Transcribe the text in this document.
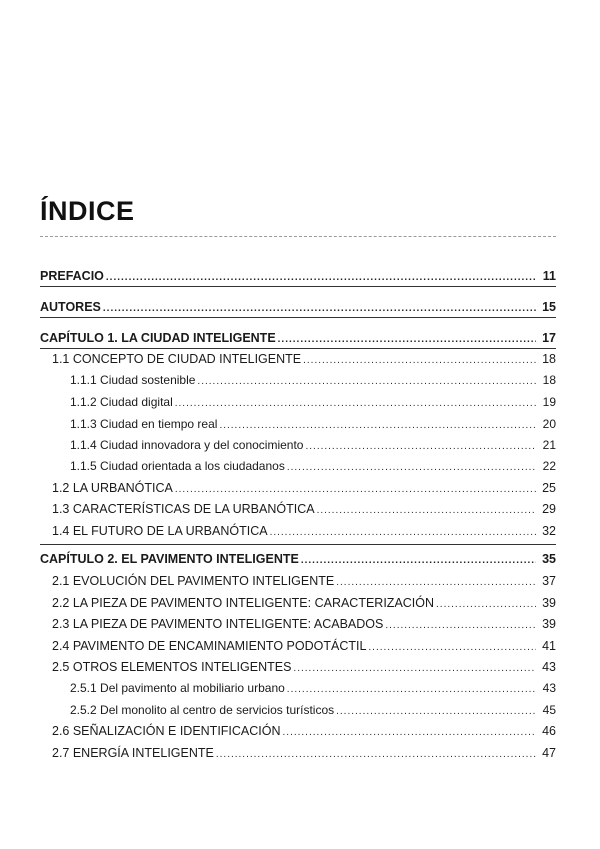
ÍNDICE
PREFACIO .....	11
AUTORES .....	15
CAPÍTULO 1. LA CIUDAD INTELIGENTE .....	17
1.1 CONCEPTO DE CIUDAD INTELIGENTE .....	18
1.1.1 Ciudad sostenible .....	18
1.1.2 Ciudad digital .....	19
1.1.3 Ciudad en tiempo real .....	20
1.1.4 Ciudad innovadora y del conocimiento .....	21
1.1.5 Ciudad orientada a los ciudadanos .....	22
1.2 LA URBANÓTICA .....	25
1.3 CARACTERÍSTICAS DE LA URBANÓTICA .....	29
1.4 EL FUTURO DE LA URBANÓTICA .....	32
CAPÍTULO 2. EL PAVIMENTO INTELIGENTE .....	35
2.1 EVOLUCIÓN DEL PAVIMENTO INTELIGENTE .....	37
2.2 LA PIEZA DE PAVIMENTO INTELIGENTE: CARACTERIZACIÓN .....	39
2.3 LA PIEZA DE PAVIMENTO INTELIGENTE: ACABADOS .....	39
2.4 PAVIMENTO DE ENCAMINAMIENTO PODOTÁCTIL .....	41
2.5 OTROS ELEMENTOS INTELIGENTES .....	43
2.5.1 Del pavimento al mobiliario urbano .....	43
2.5.2 Del monolito al centro de servicios turísticos .....	45
2.6 SEÑALIZACIÓN E IDENTIFICACIÓN .....	46
2.7 ENERGÍA INTELIGENTE .....	47
